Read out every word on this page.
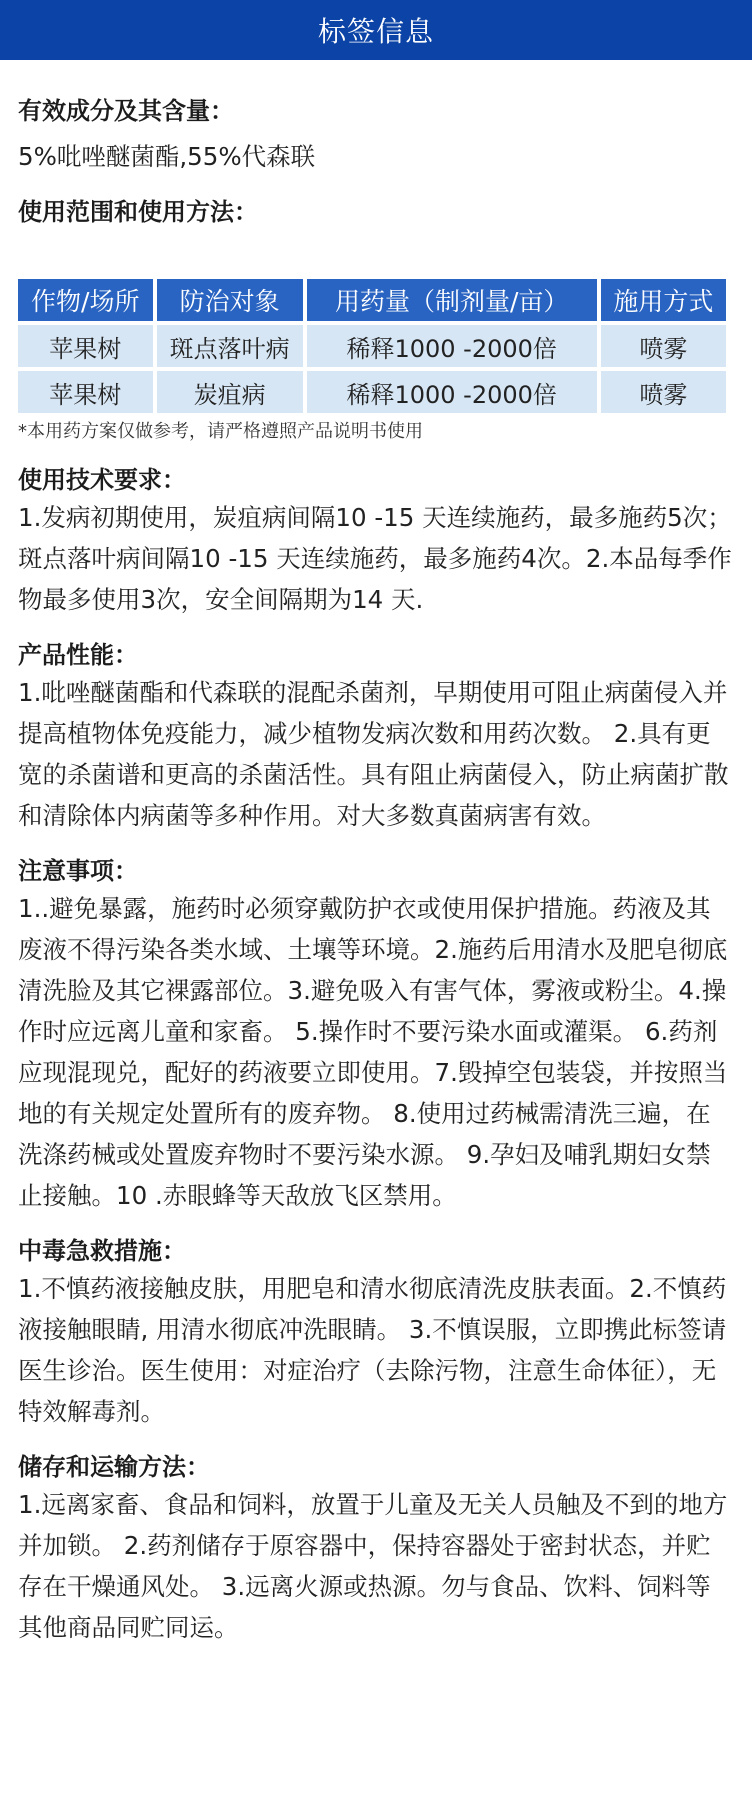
标签信息

有效成分及其含量：

5%吡唑醚菌酯,55%代森联

使用范围和使用方法：

作物/场所	防治对象	用药量（制剂量/亩）	施用方式
苹果树	斑点落叶病	稀释1000 -2000倍	喷雾
苹果树	炭疽病	稀释1000 -2000倍	喷雾

*本用药方案仅做参考，请严格遵照产品说明书使用

使用技术要求：

1.发病初期使用，炭疽病间隔10 -15 天连续施药，最多施药5次；斑点落叶病间隔10 -15 天连续施药，最多施药4次。2.本品每季作物最多使用3次，安全间隔期为14 天.

产品性能：

1.吡唑醚菌酯和代森联的混配杀菌剂，早期使用可阻止病菌侵入并提高植物体免疫能力，减少植物发病次数和用药次数。 2.具有更宽的杀菌谱和更高的杀菌活性。具有阻止病菌侵入，防止病菌扩散和清除体内病菌等多种作用。对大多数真菌病害有效。

注意事项：

1..避免暴露，施药时必须穿戴防护衣或使用保护措施。药液及其废液不得污染各类水域、土壤等环境。2.施药后用清水及肥皂彻底清洗脸及其它裸露部位。3.避免吸入有害气体，雾液或粉尘。4.操作时应远离儿童和家畜。 5.操作时不要污染水面或灌渠。 6.药剂应现混现兑，配好的药液要立即使用。7.毁掉空包装袋，并按照当地的有关规定处置所有的废弃物。 8.使用过药械需清洗三遍，在洗涤药械或处置废弃物时不要污染水源。 9.孕妇及哺乳期妇女禁止接触。10 .赤眼蜂等天敌放飞区禁用。

中毒急救措施：

1.不慎药液接触皮肤，用肥皂和清水彻底清洗皮肤表面。2.不慎药液接触眼睛, 用清水彻底冲洗眼睛。 3.不慎误服，立即携此标签请医生诊治。医生使用：对症治疗（去除污物，注意生命体征），无特效解毒剂。

储存和运输方法：

1.远离家畜、食品和饲料，放置于儿童及无关人员触及不到的地方并加锁。 2.药剂储存于原容器中，保持容器处于密封状态，并贮存在干燥通风处。 3.远离火源或热源。勿与食品、饮料、饲料等其他商品同贮同运。
